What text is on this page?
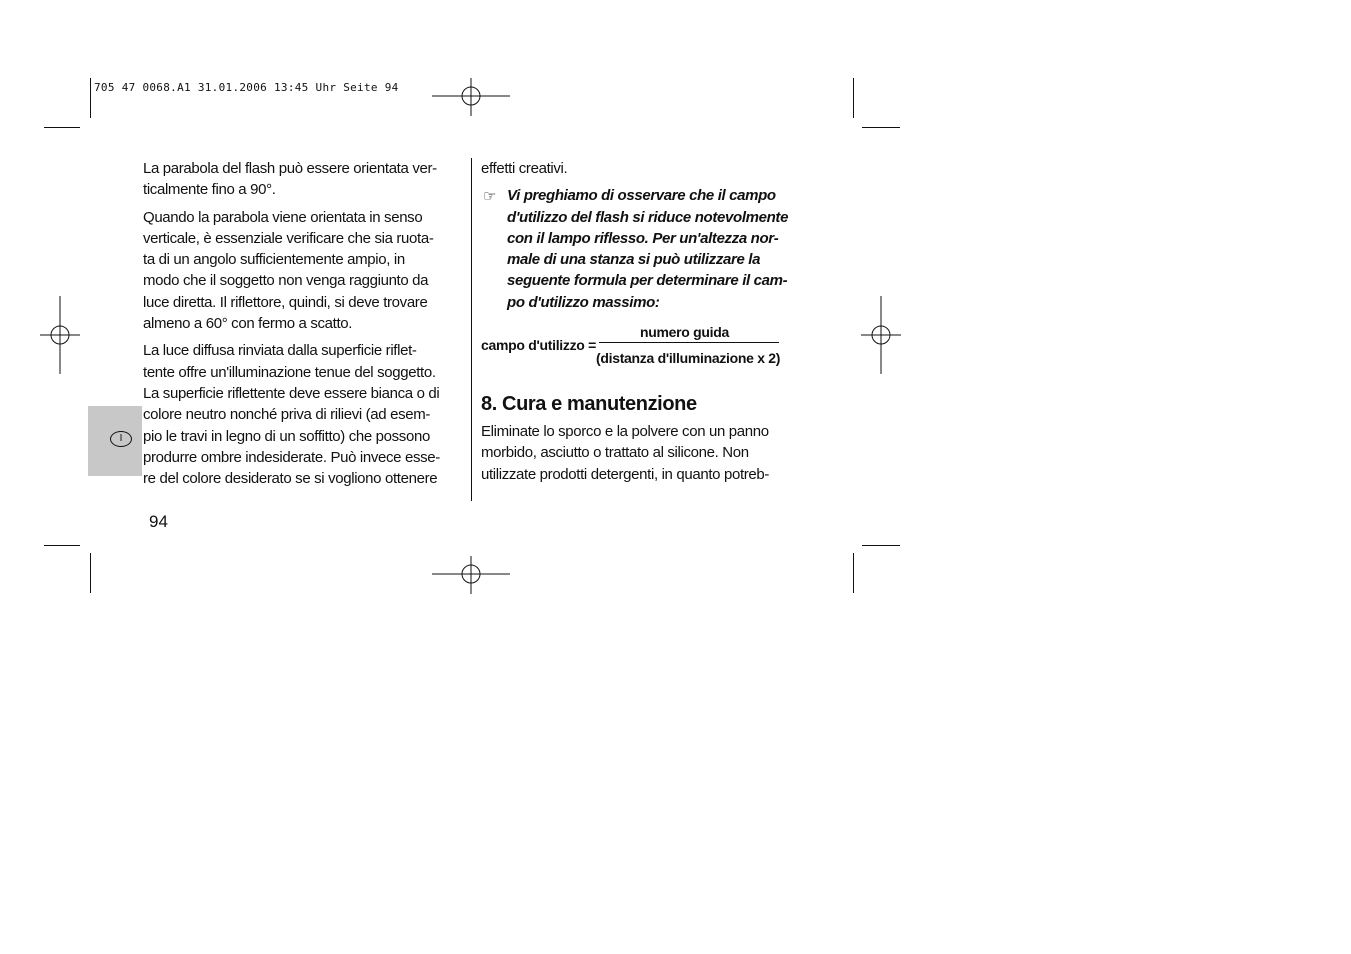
705 47 0068.A1 31.01.2006 13:45 Uhr Seite 94
I

La parabola del flash può essere orientata ver-
ticalmente fino a 90°.

Quando la parabola viene orientata in senso
verticale, è essenziale verificare che sia ruota-
ta di un angolo sufficientemente ampio, in
modo che il soggetto non venga raggiunto da
luce diretta. Il riflettore, quindi, si deve trovare
almeno a 60° con fermo a scatto.

La luce diffusa rinviata dalla superficie riflet-
tente offre un'illuminazione tenue del soggetto.
La superficie riflettente deve essere bianca o di
colore neutro nonché priva di rilievi (ad esem-
pio le travi in legno di un soffitto) che possono
produrre ombre indesiderate. Può invece esse-
re del colore desiderato se si vogliono ottenere

effetti creativi.
☞ Vi preghiamo di osservare che il campo
d'utilizzo del flash si riduce notevolmente
con il lampo riflesso. Per un'altezza nor-
male di una stanza si può utilizzare la
seguente formula per determinare il cam-
po d'utilizzo massimo:
campo d'utilizzo =
numero guida
(distanza d'illuminazione x 2)
8. Cura e manutenzione
Eliminate lo sporco e la polvere con un panno
morbido, asciutto o trattato al silicone. Non
utilizzate prodotti detergenti, in quanto potreb-
94
